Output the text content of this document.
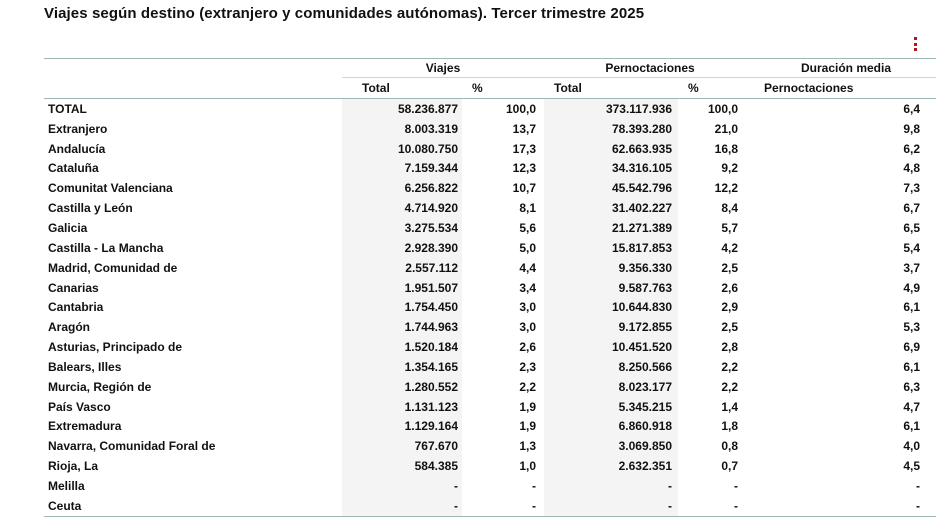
Viajes según destino (extranjero y comunidades autónomas). Tercer trimestre 2025
	Viajes		Pernoctaciones		Duración media
	Total	%	Total	%	Pernoctaciones
TOTAL	58.236.877	100,0	373.117.936	100,0	6,4
Extranjero	8.003.319	13,7	78.393.280	21,0	9,8
Andalucía	10.080.750	17,3	62.663.935	16,8	6,2
Cataluña	7.159.344	12,3	34.316.105	9,2	4,8
Comunitat Valenciana	6.256.822	10,7	45.542.796	12,2	7,3
Castilla y León	4.714.920	8,1	31.402.227	8,4	6,7
Galicia	3.275.534	5,6	21.271.389	5,7	6,5
Castilla - La Mancha	2.928.390	5,0	15.817.853	4,2	5,4
Madrid, Comunidad de	2.557.112	4,4	9.356.330	2,5	3,7
Canarias	1.951.507	3,4	9.587.763	2,6	4,9
Cantabria	1.754.450	3,0	10.644.830	2,9	6,1
Aragón	1.744.963	3,0	9.172.855	2,5	5,3
Asturias, Principado de	1.520.184	2,6	10.451.520	2,8	6,9
Balears, Illes	1.354.165	2,3	8.250.566	2,2	6,1
Murcia, Región de	1.280.552	2,2	8.023.177	2,2	6,3
País Vasco	1.131.123	1,9	5.345.215	1,4	4,7
Extremadura	1.129.164	1,9	6.860.918	1,8	6,1
Navarra, Comunidad Foral de	767.670	1,3	3.069.850	0,8	4,0
Rioja, La	584.385	1,0	2.632.351	0,7	4,5
Melilla	-	-	-	-	-
Ceuta	-	-	-	-	-
